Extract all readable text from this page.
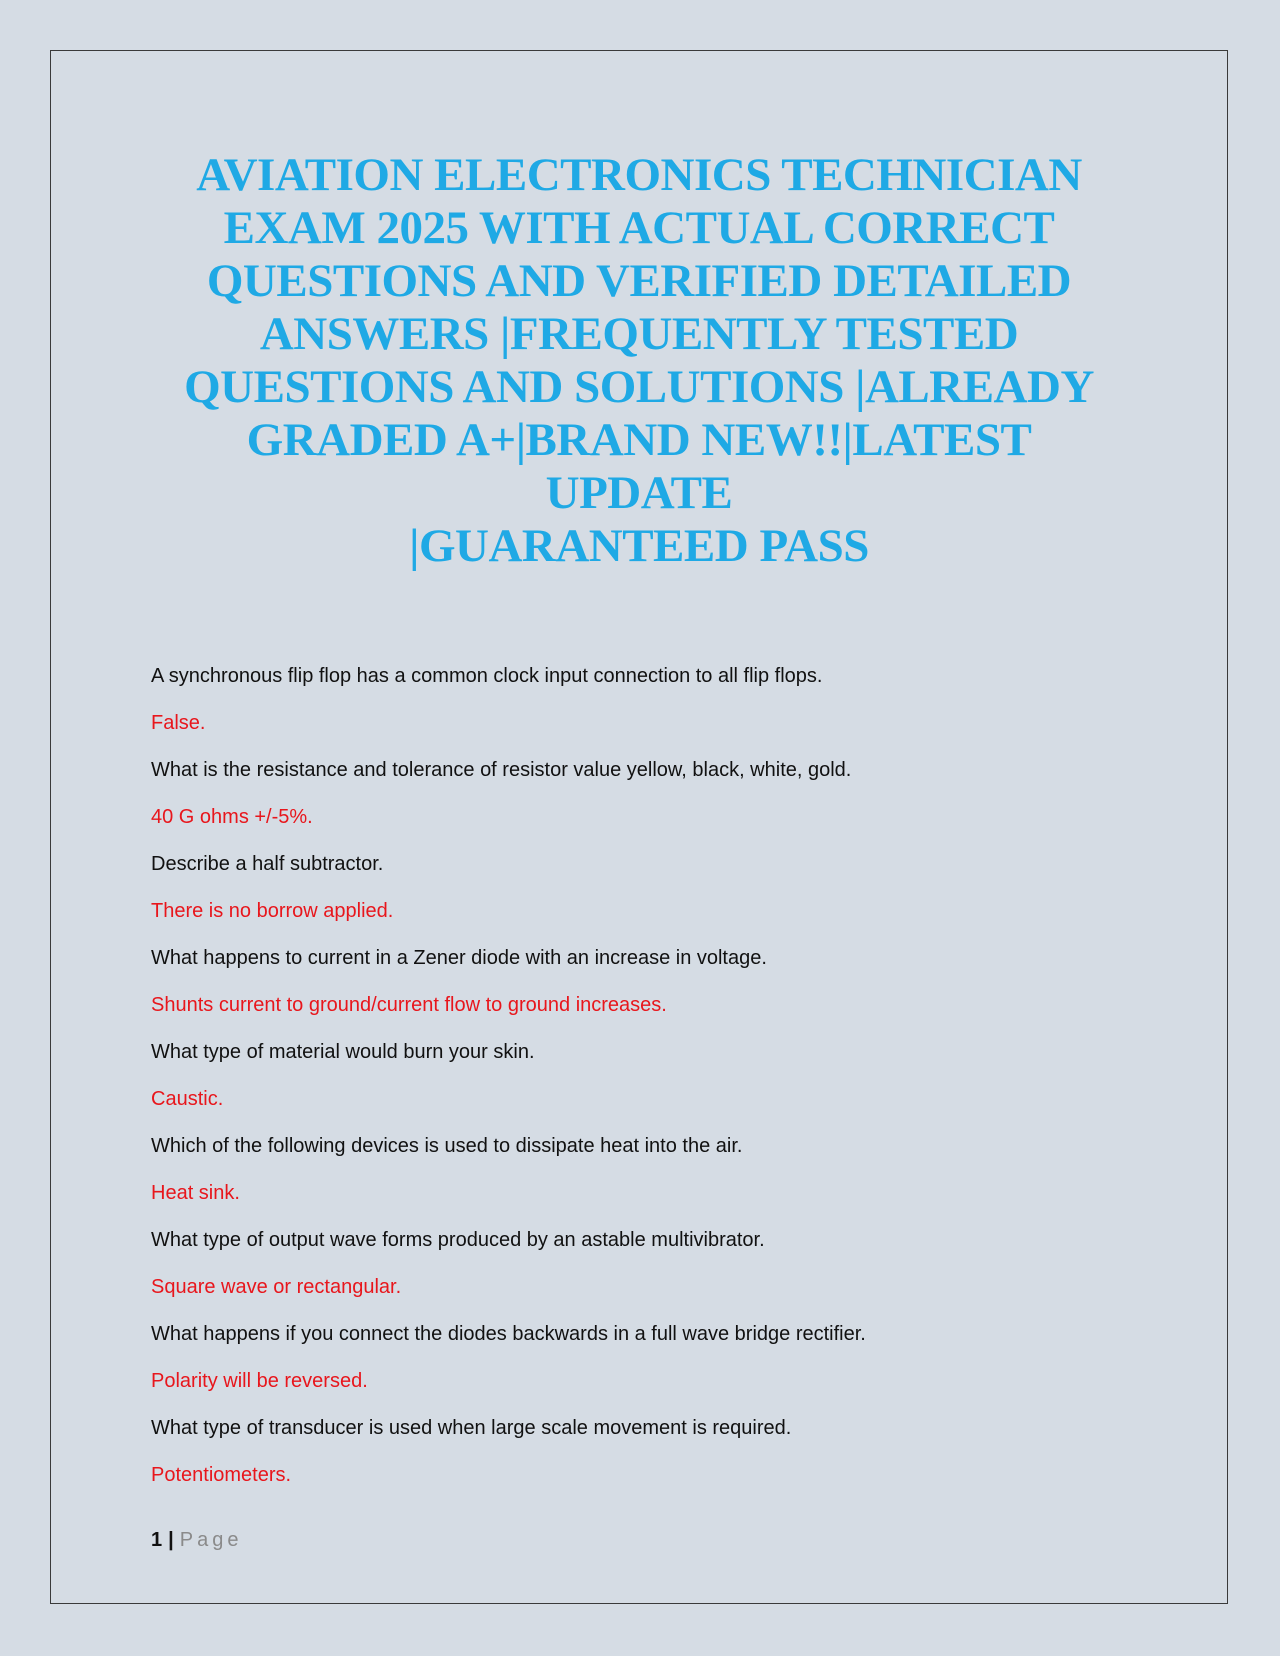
AVIATION ELECTRONICS TECHNICIAN
EXAM 2025 WITH ACTUAL CORRECT
QUESTIONS AND VERIFIED DETAILED
ANSWERS |FREQUENTLY TESTED
QUESTIONS AND SOLUTIONS |ALREADY
GRADED A+|BRAND NEW!!|LATEST UPDATE
|GUARANTEED PASS
A synchronous flip flop has a common clock input connection to all flip flops.
False.
What is the resistance and tolerance of resistor value yellow, black, white, gold.
40 G ohms +/-5%.
Describe a half subtractor.
There is no borrow applied.
What happens to current in a Zener diode with an increase in voltage.
Shunts current to ground/current flow to ground increases.
What type of material would burn your skin.
Caustic.
Which of the following devices is used to dissipate heat into the air.
Heat sink.
What type of output wave forms produced by an astable multivibrator.
Square wave or rectangular.
What happens if you connect the diodes backwards in a full wave bridge rectifier.
Polarity will be reversed.
What type of transducer is used when large scale movement is required.
Potentiometers.
1 | Page
